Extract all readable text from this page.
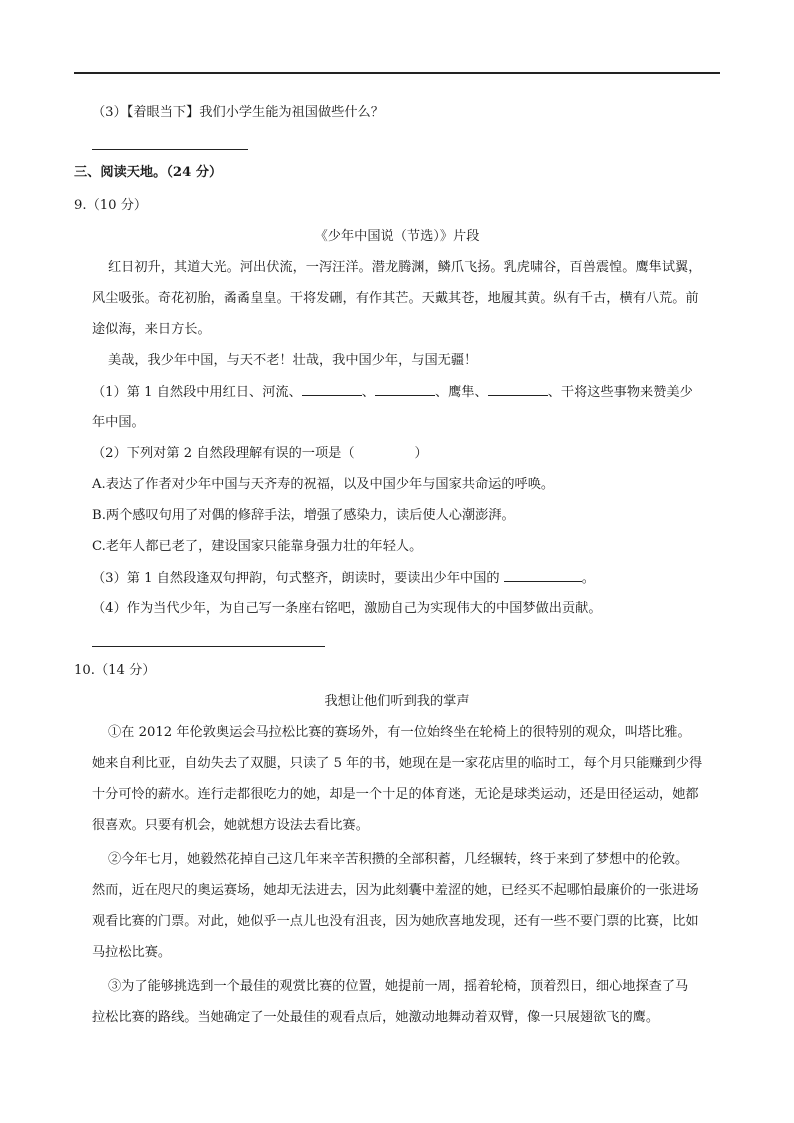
（3）【着眼当下】我们小学生能为祖国做些什么？
三、阅读天地。（24 分）
9.（10 分）
《少年中国说（节选）》片段
红日初升，其道大光。河出伏流，一泻汪洋。潜龙腾渊，鳞爪飞扬。乳虎啸谷，百兽震惶。鹰隼试翼，
风尘吸张。奇花初胎，矞矞皇皇。干将发硎，有作其芒。天戴其苍，地履其黄。纵有千古，横有八荒。前
途似海，来日方长。
美哉，我少年中国，与天不老！壮哉，我中国少年，与国无疆！
（1）第 1 自然段中用红日、河流、	、	、鹰隼、	、干将这些事物来赞美少
年中国。
（2）下列对第 2 自然段理解有误的一项是（	）
A.表达了作者对少年中国与天齐寿的祝福，以及中国少年与国家共命运的呼唤。
B.两个感叹句用了对偶的修辞手法，增强了感染力，读后使人心潮澎湃。
C.老年人都已老了，建设国家只能靠身强力壮的年轻人。
（3）第 1 自然段逢双句押韵，句式整齐，朗读时，要读出少年中国的	。
（4）作为当代少年，为自己写一条座右铭吧，激励自己为实现伟大的中国梦做出贡献。
10.（14 分）
我想让他们听到我的掌声
①在 2012 年伦敦奥运会马拉松比赛的赛场外，有一位始终坐在轮椅上的很特别的观众，叫塔比雅。
她来自利比亚，自幼失去了双腿，只读了 5 年的书，她现在是一家花店里的临时工，每个月只能赚到少得
十分可怜的薪水。连行走都很吃力的她，却是一个十足的体育迷，无论是球类运动，还是田径运动，她都
很喜欢。只要有机会，她就想方设法去看比赛。
②今年七月，她毅然花掉自己这几年来辛苦积攒的全部积蓄，几经辗转，终于来到了梦想中的伦敦。
然而，近在咫尺的奥运赛场，她却无法进去，因为此刻囊中羞涩的她，已经买不起哪怕最廉价的一张进场
观看比赛的门票。对此，她似乎一点儿也没有沮丧，因为她欣喜地发现，还有一些不要门票的比赛，比如
马拉松比赛。
③为了能够挑选到一个最佳的观赏比赛的位置，她提前一周，摇着轮椅，顶着烈日，细心地探查了马
拉松比赛的路线。当她确定了一处最佳的观看点后，她激动地舞动着双臂，像一只展翅欲飞的鹰。
